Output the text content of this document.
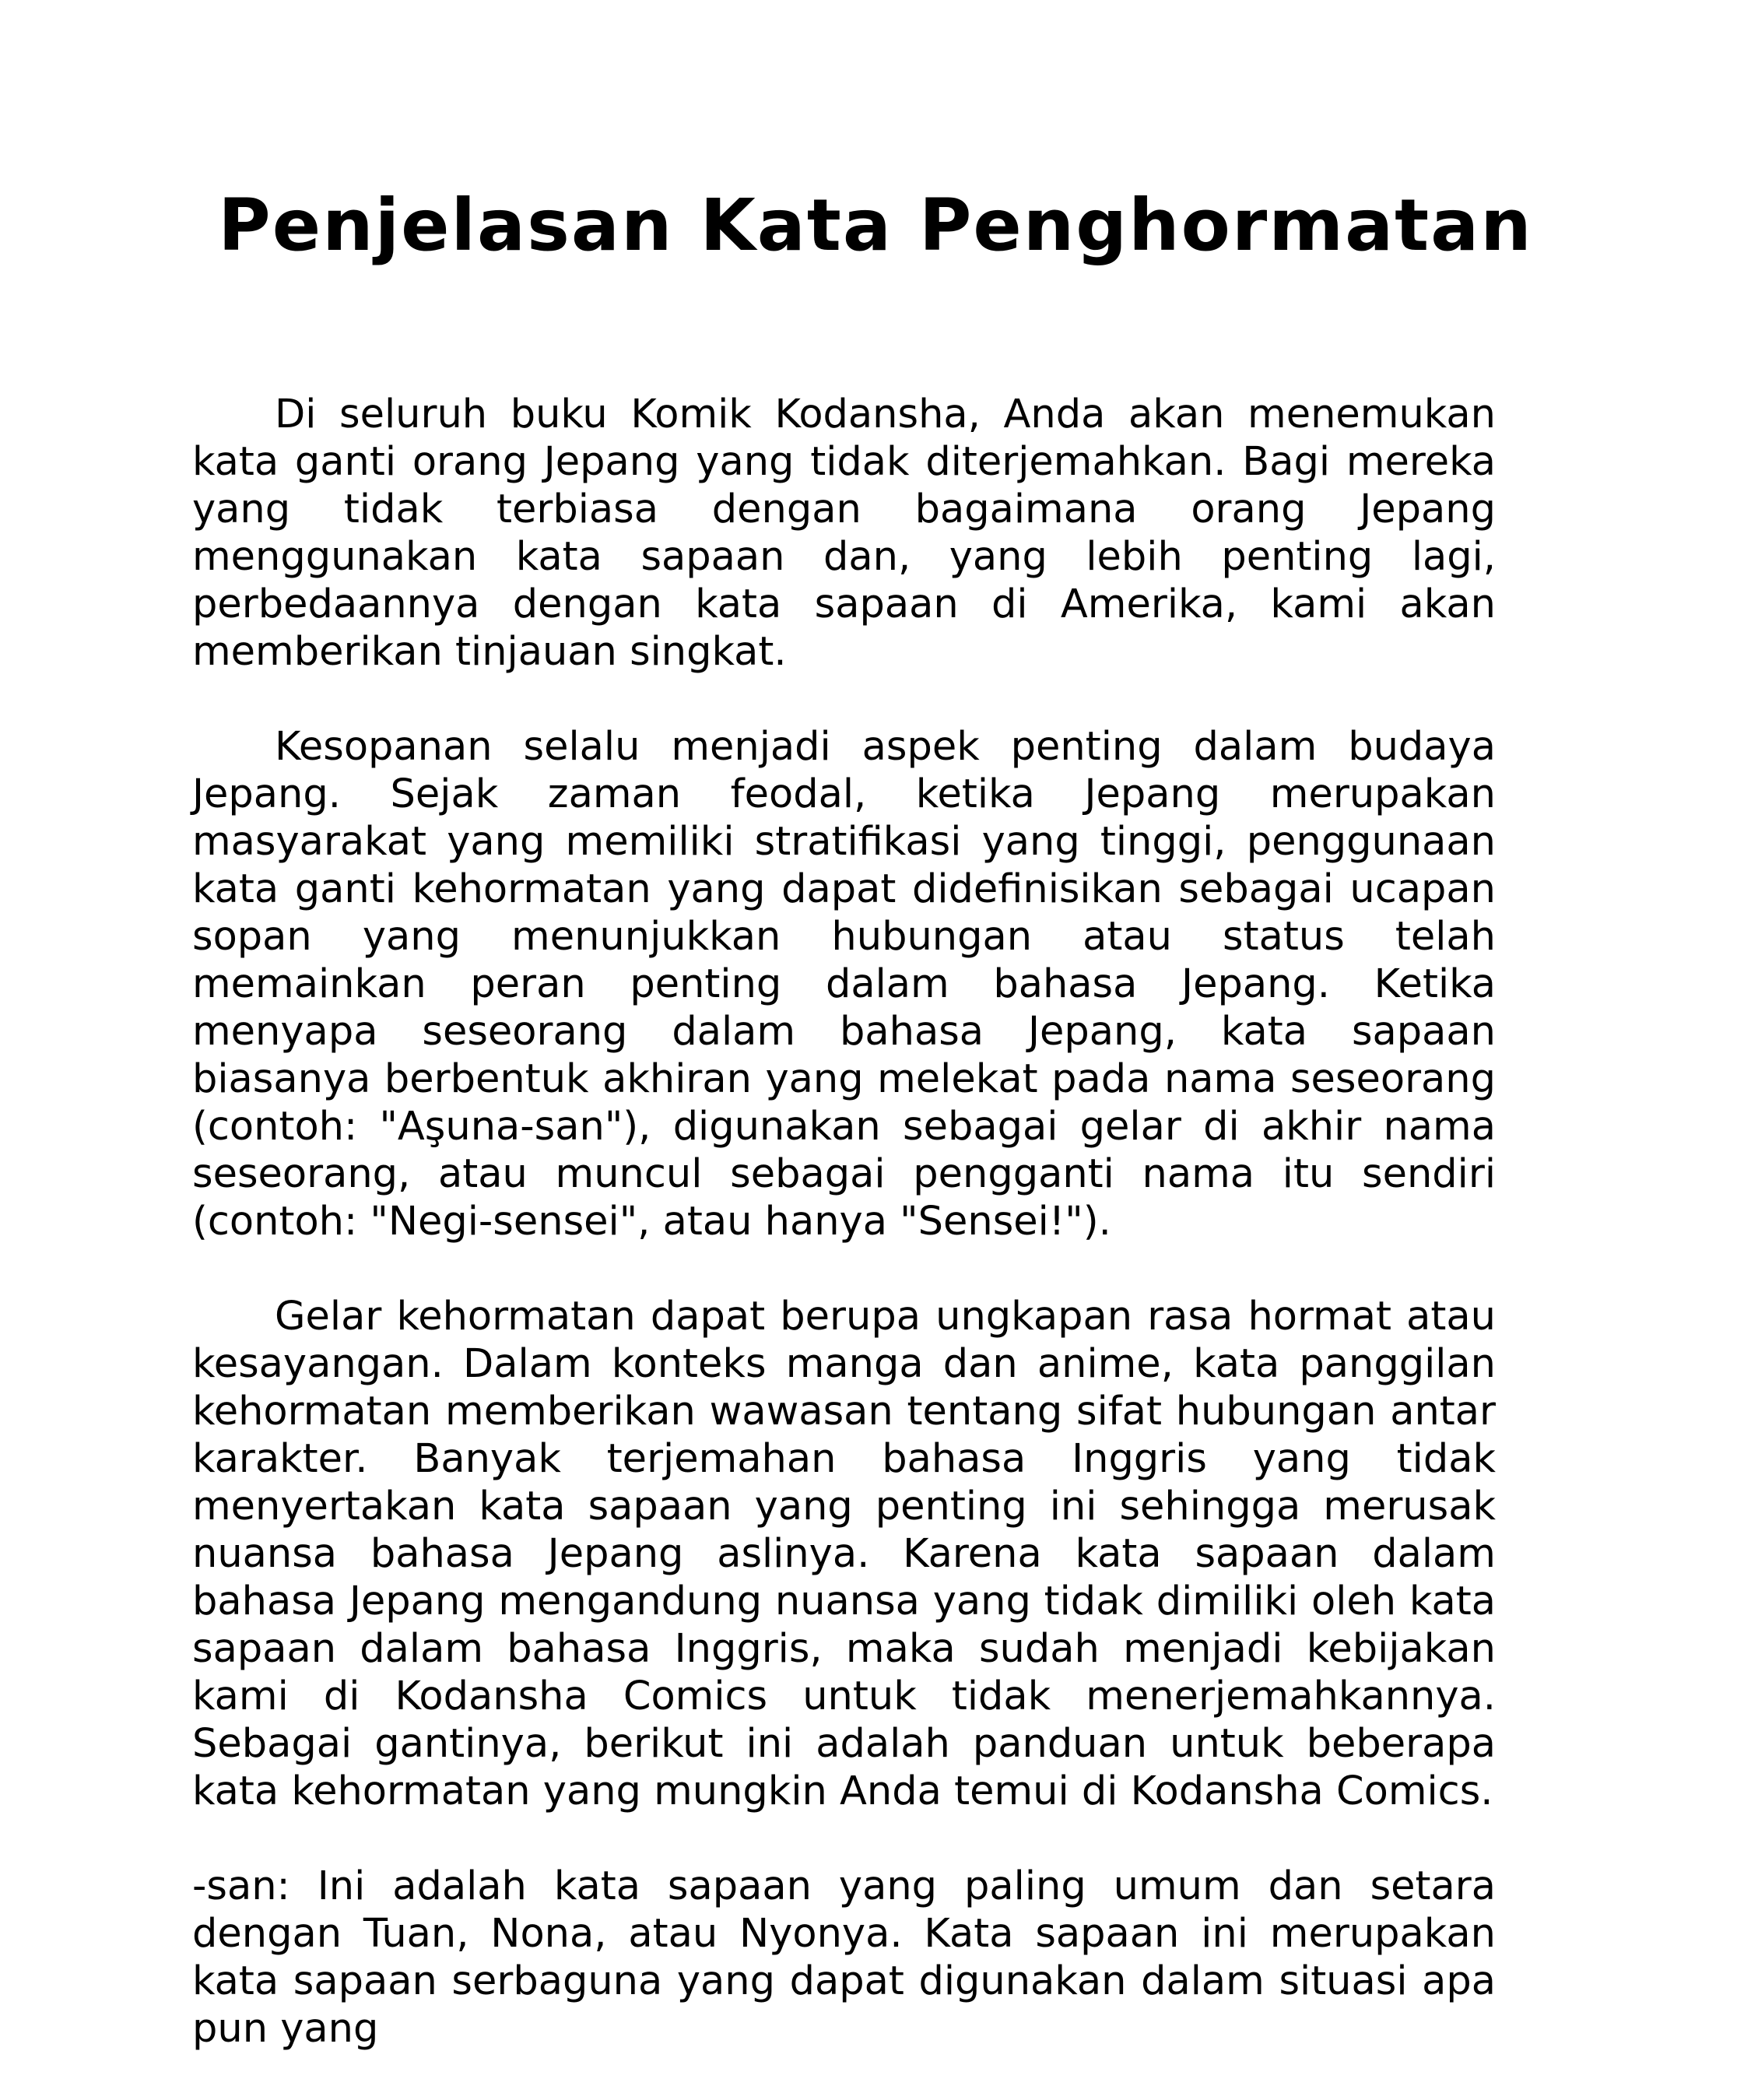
Penjelasan Kata Penghormatan

Di seluruh buku Komik Kodansha, Anda akan menemukan kata ganti orang Jepang yang tidak diterjemahkan. Bagi mereka yang tidak terbiasa dengan bagaimana orang Jepang menggunakan kata sapaan dan, yang lebih penting lagi, perbedaannya dengan kata sapaan di Amerika, kami akan memberikan tinjauan singkat.

Kesopanan selalu menjadi aspek penting dalam budaya Jepang. Sejak zaman feodal, ketika Jepang merupakan masyarakat yang memiliki stratifikasi yang tinggi, penggunaan kata ganti kehormatan yang dapat didefinisikan sebagai ucapan sopan yang menunjukkan hubungan atau status telah memainkan peran penting dalam bahasa Jepang. Ketika menyapa seseorang dalam bahasa Jepang, kata sapaan biasanya berbentuk akhiran yang melekat pada nama seseorang (contoh: "Aşuna-san"), digunakan sebagai gelar di akhir nama seseorang, atau muncul sebagai pengganti nama itu sendiri (contoh: "Negi-sensei", atau hanya "Sensei!").

Gelar kehormatan dapat berupa ungkapan rasa hormat atau kesayangan. Dalam konteks manga dan anime, kata panggilan kehormatan memberikan wawasan tentang sifat hubungan antar karakter. Banyak terjemahan bahasa Inggris yang tidak menyertakan kata sapaan yang penting ini sehingga merusak nuansa bahasa Jepang aslinya. Karena kata sapaan dalam bahasa Jepang mengandung nuansa yang tidak dimiliki oleh kata sapaan dalam bahasa Inggris, maka sudah menjadi kebijakan kami di Kodansha Comics untuk tidak menerjemahkannya. Sebagai gantinya, berikut ini adalah panduan untuk beberapa kata kehormatan yang mungkin Anda temui di Kodansha Comics.

-san: Ini adalah kata sapaan yang paling umum dan setara dengan Tuan, Nona, atau Nyonya. Kata sapaan ini merupakan kata sapaan serbaguna yang dapat digunakan dalam situasi apa pun yang
